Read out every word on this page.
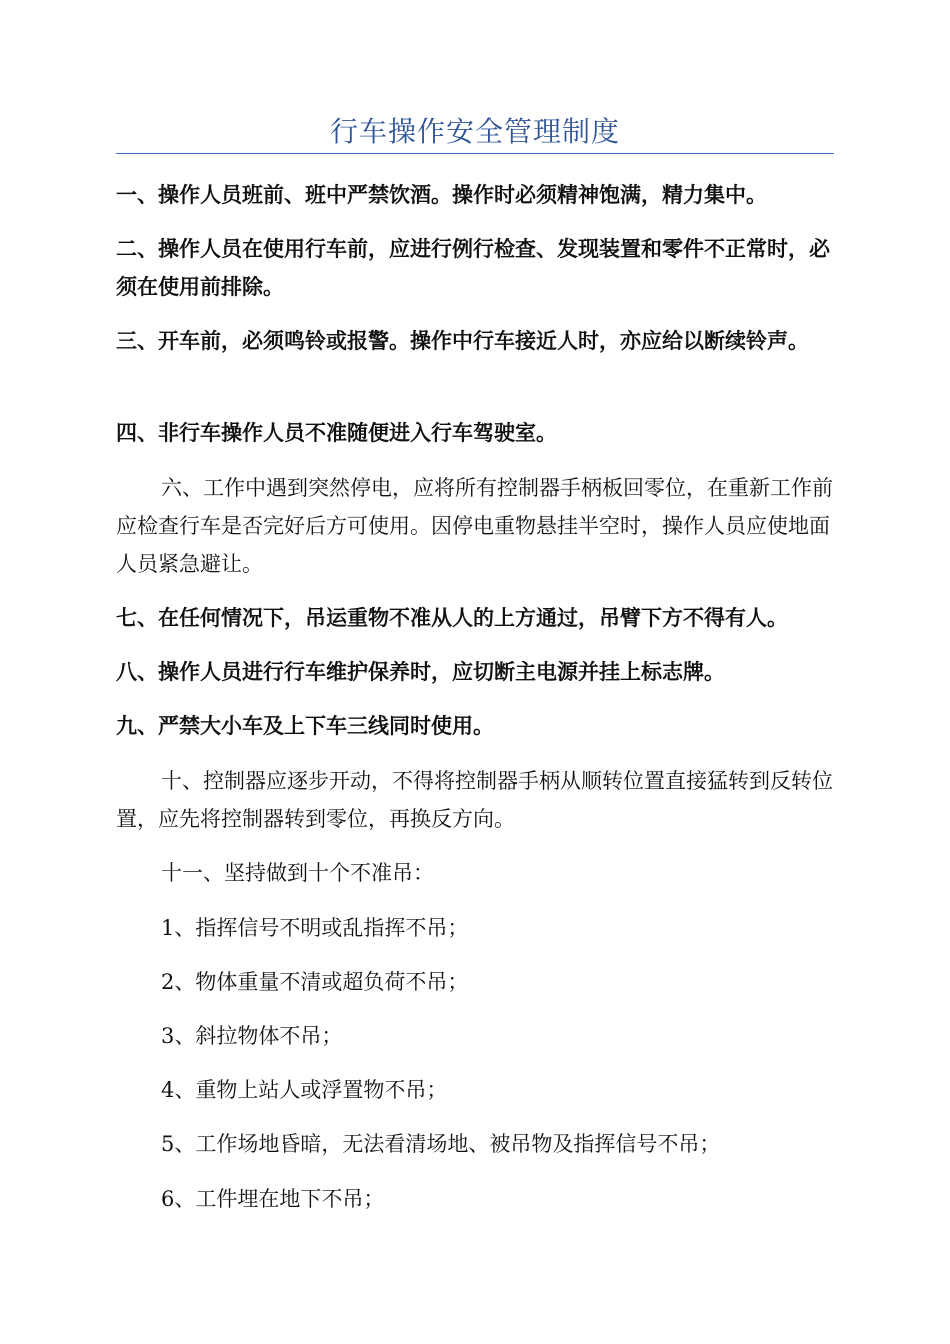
行车操作安全管理制度

一、操作人员班前、班中严禁饮酒。操作时必须精神饱满，精力集中。

二、操作人员在使用行车前，应进行例行检查、发现装置和零件不正常时，必须在使用前排除。

三、开车前，必须鸣铃或报警。操作中行车接近人时，亦应给以断续铃声。

四、非行车操作人员不准随便进入行车驾驶室。

六、工作中遇到突然停电，应将所有控制器手柄板回零位，在重新工作前应检查行车是否完好后方可使用。因停电重物悬挂半空时，操作人员应使地面人员紧急避让。

七、在任何情况下，吊运重物不准从人的上方通过，吊臂下方不得有人。

八、操作人员进行行车维护保养时，应切断主电源并挂上标志牌。

九、严禁大小车及上下车三线同时使用。

十、控制器应逐步开动，不得将控制器手柄从顺转位置直接猛转到反转位置，应先将控制器转到零位，再换反方向。

十一、坚持做到十个不准吊：

1、指挥信号不明或乱指挥不吊；

2、物体重量不清或超负荷不吊；

3、斜拉物体不吊；

4、重物上站人或浮置物不吊；

5、工作场地昏暗，无法看清场地、被吊物及指挥信号不吊；

6、工件埋在地下不吊；
